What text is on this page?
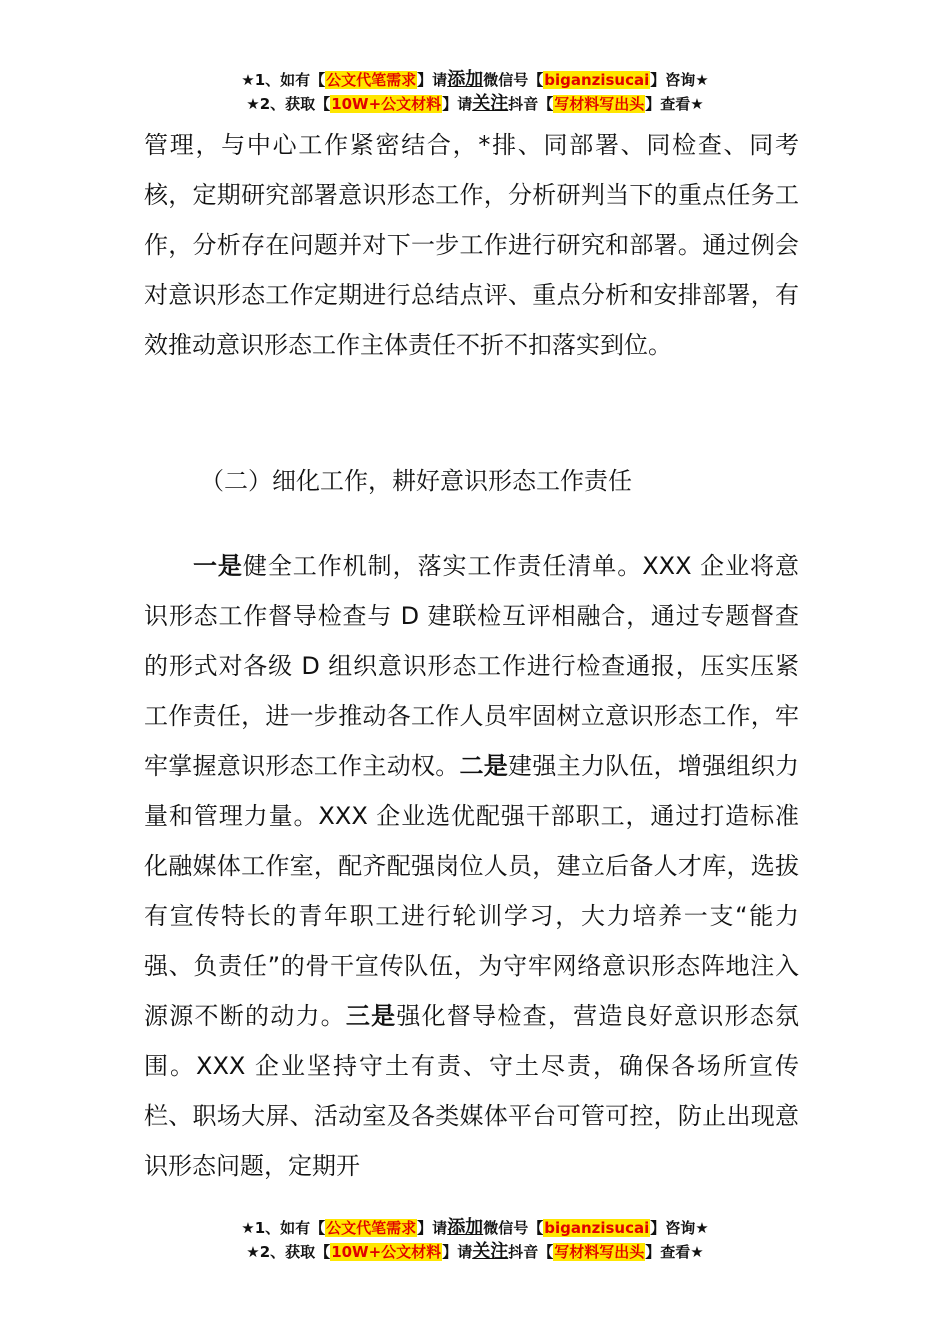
★1、如有【公文代笔需求】请添加微信号【biganzisucai】咨询★
★2、获取【10W+公文材料】请关注抖音【写材料写出头】查看★

管理，与中心工作紧密结合，*排、同部署、同检查、同考核，定期研究部署意识形态工作，分析研判当下的重点任务工作，分析存在问题并对下一步工作进行研究和部署。通过例会对意识形态工作定期进行总结点评、重点分析和安排部署，有效推动意识形态工作主体责任不折不扣落实到位。

（二）细化工作，耕好意识形态工作责任

一是健全工作机制，落实工作责任清单。XXX 企业将意识形态工作督导检查与 D 建联检互评相融合，通过专题督查的形式对各级 D 组织意识形态工作进行检查通报，压实压紧工作责任，进一步推动各工作人员牢固树立意识形态工作，牢牢掌握意识形态工作主动权。二是建强主力队伍，增强组织力量和管理力量。XXX 企业选优配强干部职工，通过打造标准化融媒体工作室，配齐配强岗位人员，建立后备人才库，选拔有宣传特长的青年职工进行轮训学习，大力培养一支“能力强、负责任”的骨干宣传队伍，为守牢网络意识形态阵地注入源源不断的动力。三是强化督导检查，营造良好意识形态氛围。XXX 企业坚持守土有责、守土尽责，确保各场所宣传栏、职场大屏、活动室及各类媒体平台可管可控，防止出现意识形态问题，定期开

★1、如有【公文代笔需求】请添加微信号【biganzisucai】咨询★
★2、获取【10W+公文材料】请关注抖音【写材料写出头】查看★
